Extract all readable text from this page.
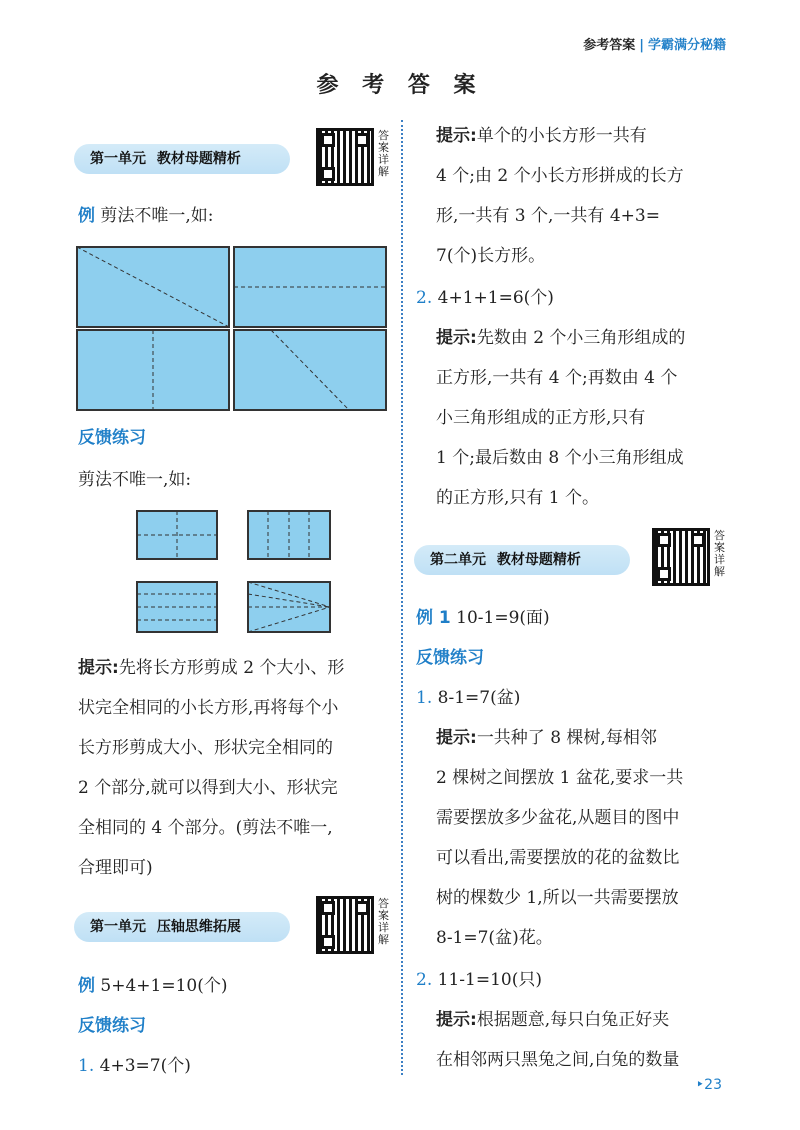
参考答案 | 学霸满分秘籍
参 考 答 案
第一单元 教材母题精析
答案详解
例 剪法不唯一,如:
反馈练习
剪法不唯一,如:
提示:先将长方形剪成 2 个大小、形
状完全相同的小长方形,再将每个小
长方形剪成大小、形状完全相同的
2 个部分,就可以得到大小、形状完
全相同的 4 个部分。(剪法不唯一,
合理即可)
第一单元 压轴思维拓展
答案详解
例 5+4+1=10(个)
反馈练习
1. 4+3=7(个)
提示:单个的小长方形一共有
4 个;由 2 个小长方形拼成的长方
形,一共有 3 个,一共有 4+3=
7(个)长方形。
2. 4+1+1=6(个)
提示:先数由 2 个小三角形组成的
正方形,一共有 4 个;再数由 4 个
小三角形组成的正方形,只有
1 个;最后数由 8 个小三角形组成
的正方形,只有 1 个。
第二单元 教材母题精析
答案详解
例 1 10-1=9(面)
反馈练习
1. 8-1=7(盆)
提示:一共种了 8 棵树,每相邻
2 棵树之间摆放 1 盆花,要求一共
需要摆放多少盆花,从题目的图中
可以看出,需要摆放的花的盆数比
树的棵数少 1,所以一共需要摆放
8-1=7(盆)花。
2. 11-1=10(只)
提示:根据题意,每只白兔正好夹
在相邻两只黑兔之间,白兔的数量
‣23
